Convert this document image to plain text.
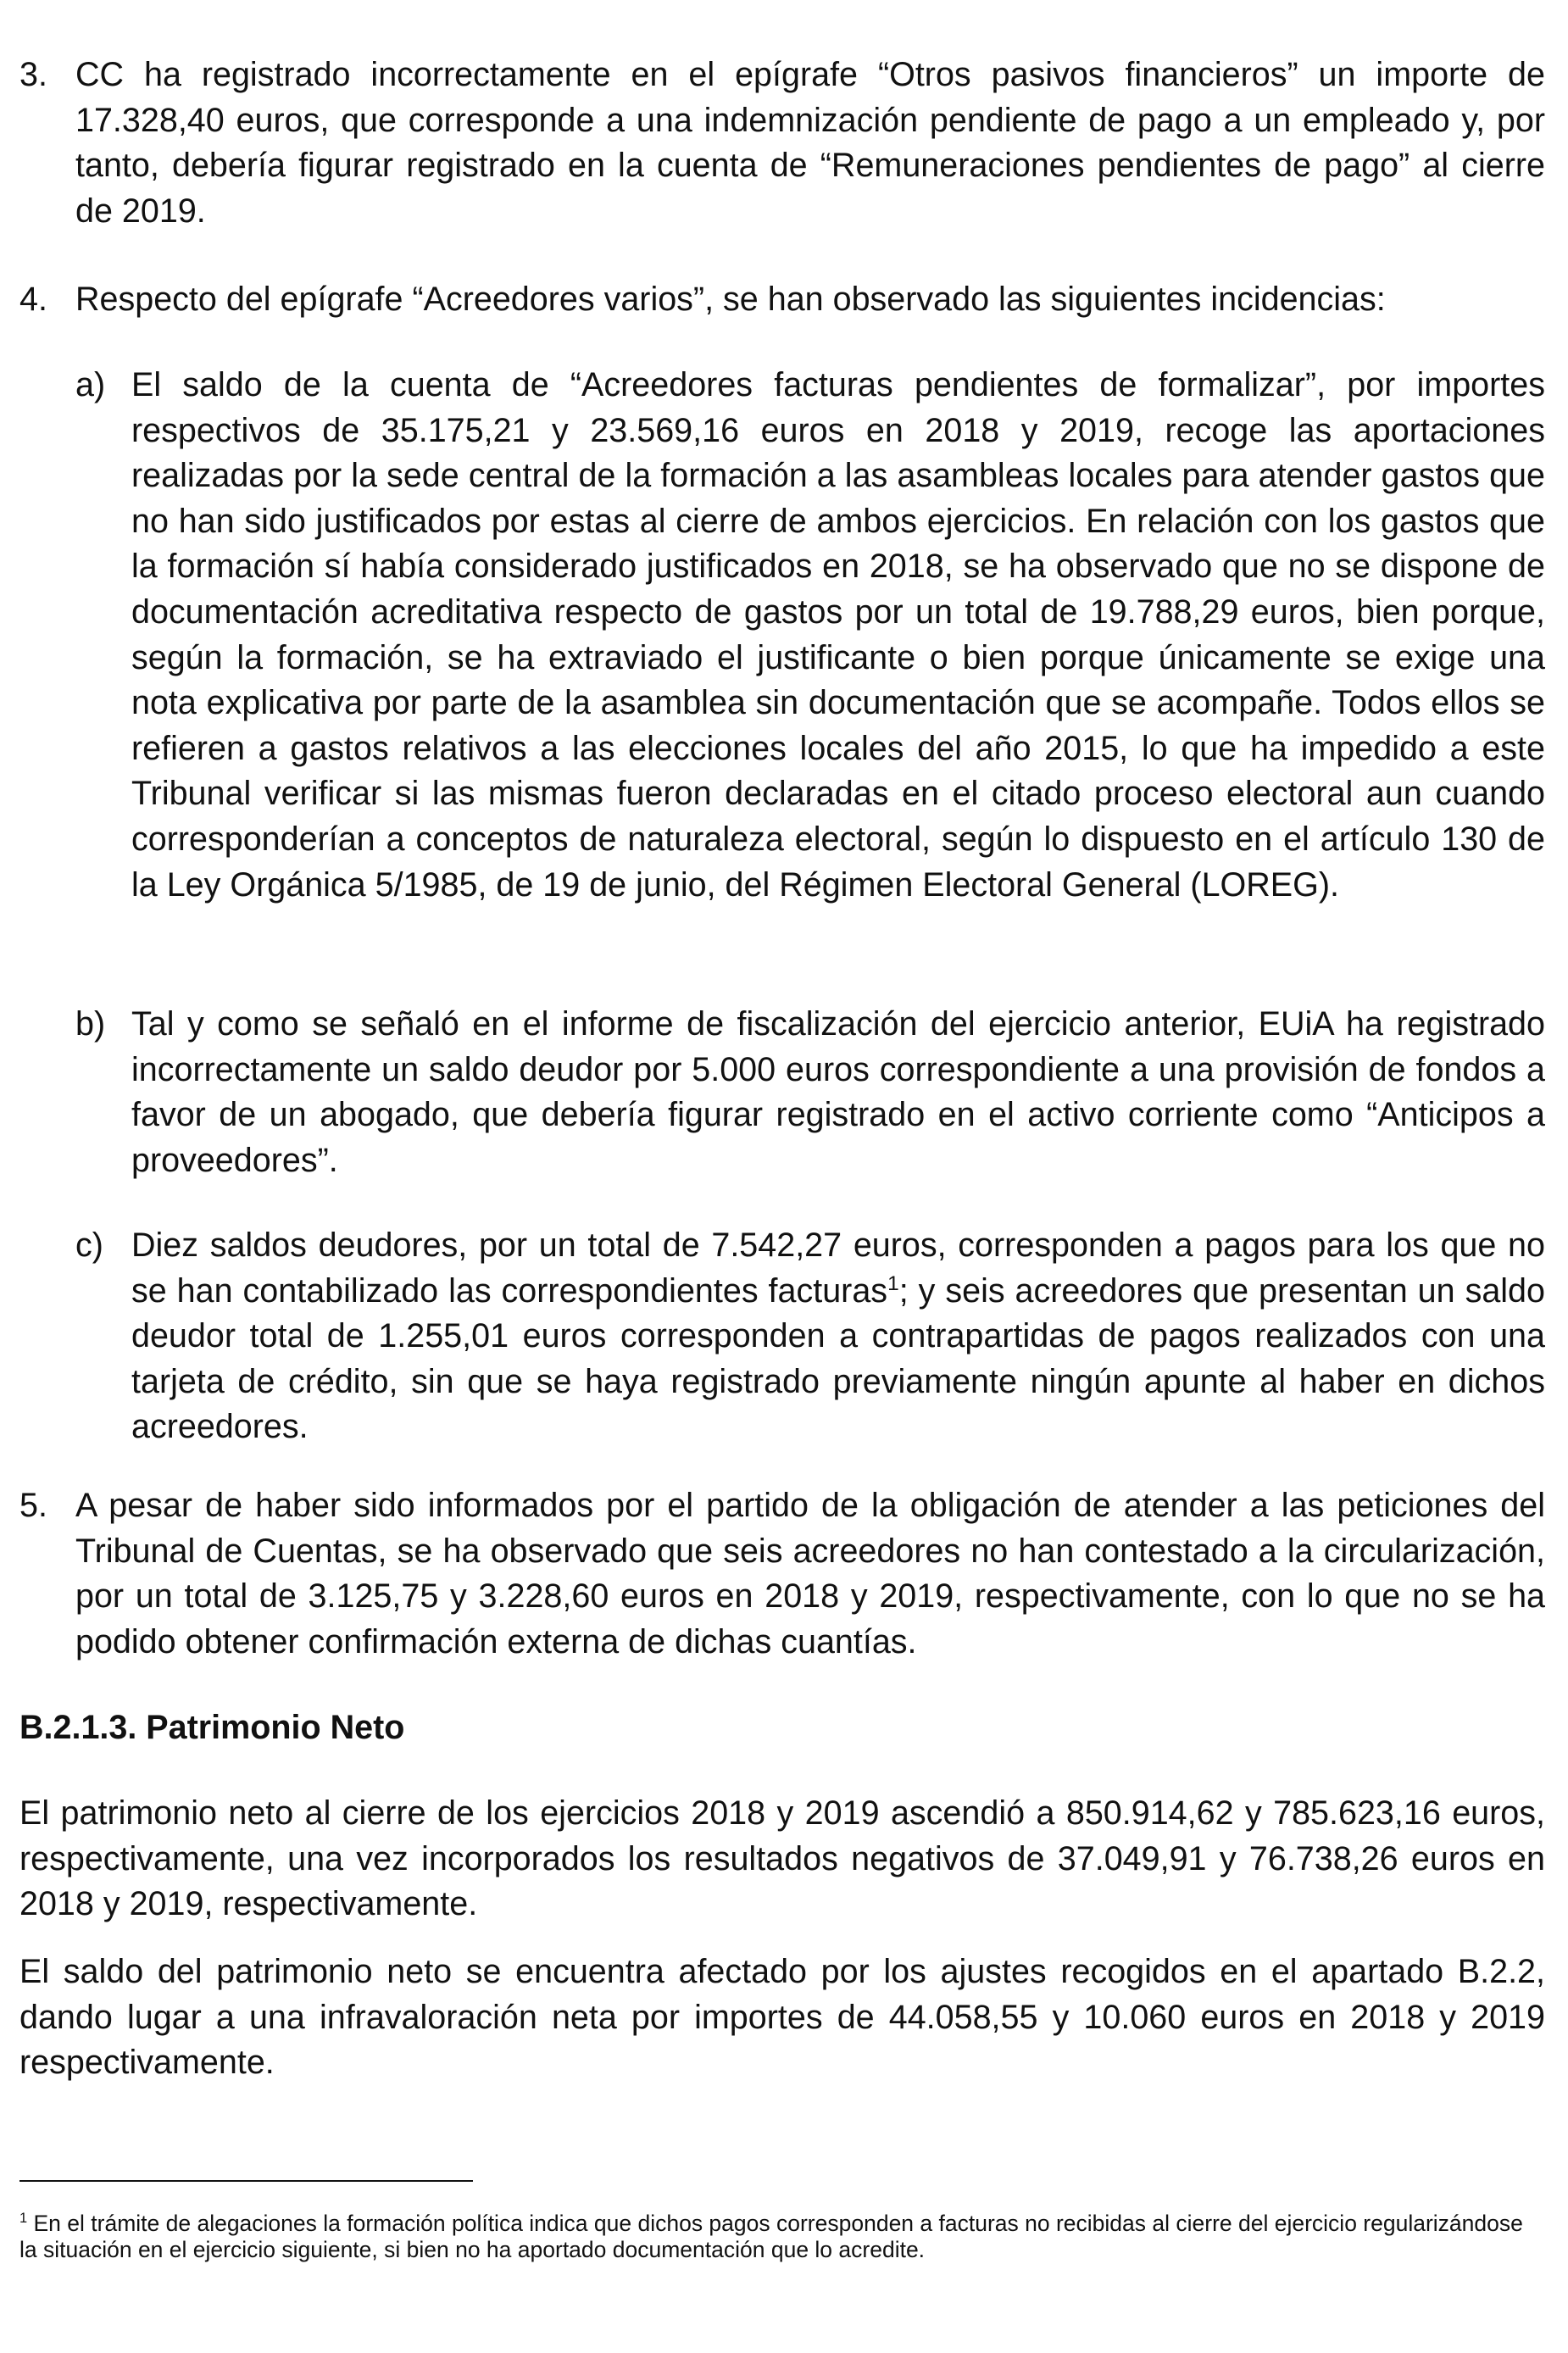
3. CC ha registrado incorrectamente en el epígrafe “Otros pasivos financieros” un importe de 17.328,40 euros, que corresponde a una indemnización pendiente de pago a un empleado y, por tanto, debería figurar registrado en la cuenta de “Remuneraciones pendientes de pago” al cierre de 2019.
4. Respecto del epígrafe “Acreedores varios”, se han observado las siguientes incidencias:
a) El saldo de la cuenta de “Acreedores facturas pendientes de formalizar”, por importes respectivos de 35.175,21 y 23.569,16 euros en 2018 y 2019, recoge las aportaciones realizadas por la sede central de la formación a las asambleas locales para atender gastos que no han sido justificados por estas al cierre de ambos ejercicios. En relación con los gastos que la formación sí había considerado justificados en 2018, se ha observado que no se dispone de documentación acreditativa respecto de gastos por un total de 19.788,29 euros, bien porque, según la formación, se ha extraviado el justificante o bien porque únicamente se exige una nota explicativa por parte de la asamblea sin documentación que se acompañe. Todos ellos se refieren a gastos relativos a las elecciones locales del año 2015, lo que ha impedido a este Tribunal verificar si las mismas fueron declaradas en el citado proceso electoral aun cuando corresponderían a conceptos de naturaleza electoral, según lo dispuesto en el artículo 130 de la Ley Orgánica 5/1985, de 19 de junio, del Régimen Electoral General (LOREG).
b) Tal y como se señaló en el informe de fiscalización del ejercicio anterior, EUiA ha registrado incorrectamente un saldo deudor por 5.000 euros correspondiente a una provisión de fondos a favor de un abogado, que debería figurar registrado en el activo corriente como “Anticipos a proveedores”.
c) Diez saldos deudores, por un total de 7.542,27 euros, corresponden a pagos para los que no se han contabilizado las correspondientes facturas$^1$; y seis acreedores que presentan un saldo deudor total de 1.255,01 euros corresponden a contrapartidas de pagos realizados con una tarjeta de crédito, sin que se haya registrado previamente ningún apunte al haber en dichos acreedores.
5. A pesar de haber sido informados por el partido de la obligación de atender a las peticiones del Tribunal de Cuentas, se ha observado que seis acreedores no han contestado a la circularización, por un total de 3.125,75 y 3.228,60 euros en 2018 y 2019, respectivamente, con lo que no se ha podido obtener confirmación externa de dichas cuantías.
B.2.1.3. Patrimonio Neto
El patrimonio neto al cierre de los ejercicios 2018 y 2019 ascendió a 850.914,62 y 785.623,16 euros, respectivamente, una vez incorporados los resultados negativos de 37.049,91 y 76.738,26 euros en 2018 y 2019, respectivamente.
El saldo del patrimonio neto se encuentra afectado por los ajustes recogidos en el apartado B.2.2, dando lugar a una infravaloración neta por importes de 44.058,55 y 10.060 euros en 2018 y 2019 respectivamente.
$^1$ En el trámite de alegaciones la formación política indica que dichos pagos corresponden a facturas no recibidas al cierre del ejercicio regularizándose la situación en el ejercicio siguiente, si bien no ha aportado documentación que lo acredite.
